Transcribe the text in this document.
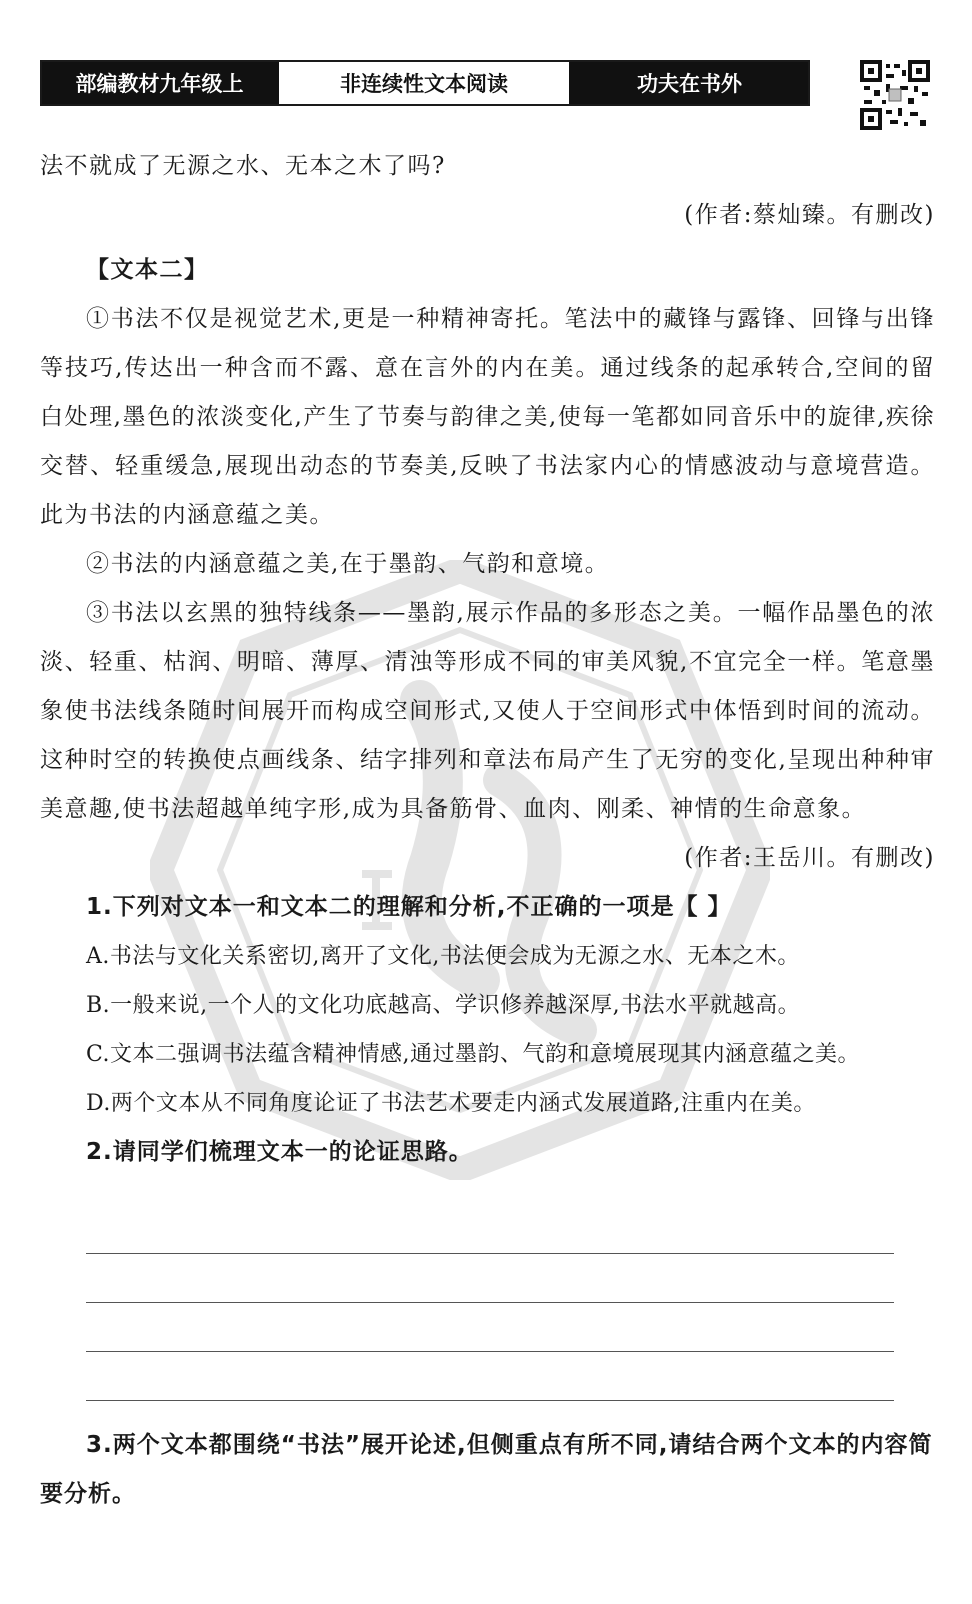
部编教材九年级上	非连续性文本阅读	功夫在书外

法不就成了无源之水、无本之木了吗?

(作者:蔡灿臻。有删改)

【文本二】

①书法不仅是视觉艺术,更是一种精神寄托。笔法中的藏锋与露锋、回锋与出锋等技巧,传达出一种含而不露、意在言外的内在美。通过线条的起承转合,空间的留白处理,墨色的浓淡变化,产生了节奏与韵律之美,使每一笔都如同音乐中的旋律,疾徐交替、轻重缓急,展现出动态的节奏美,反映了书法家内心的情感波动与意境营造。此为书法的内涵意蕴之美。

②书法的内涵意蕴之美,在于墨韵、气韵和意境。

③书法以玄黑的独特线条——墨韵,展示作品的多形态之美。一幅作品墨色的浓淡、轻重、枯润、明暗、薄厚、清浊等形成不同的审美风貌,不宜完全一样。笔意墨象使书法线条随时间展开而构成空间形式,又使人于空间形式中体悟到时间的流动。这种时空的转换使点画线条、结字排列和章法布局产生了无穷的变化,呈现出种种审美意趣,使书法超越单纯字形,成为具备筋骨、血肉、刚柔、神情的生命意象。

(作者:王岳川。有删改)

1.下列对文本一和文本二的理解和分析,不正确的一项是【 】

A.书法与文化关系密切,离开了文化,书法便会成为无源之水、无本之木。

B.一般来说,一个人的文化功底越高、学识修养越深厚,书法水平就越高。

C.文本二强调书法蕴含精神情感,通过墨韵、气韵和意境展现其内涵意蕴之美。

D.两个文本从不同角度论证了书法艺术要走内涵式发展道路,注重内在美。

2.请同学们梳理文本一的论证思路。

3.两个文本都围绕“书法”展开论述,但侧重点有所不同,请结合两个文本的内容简要分析。
